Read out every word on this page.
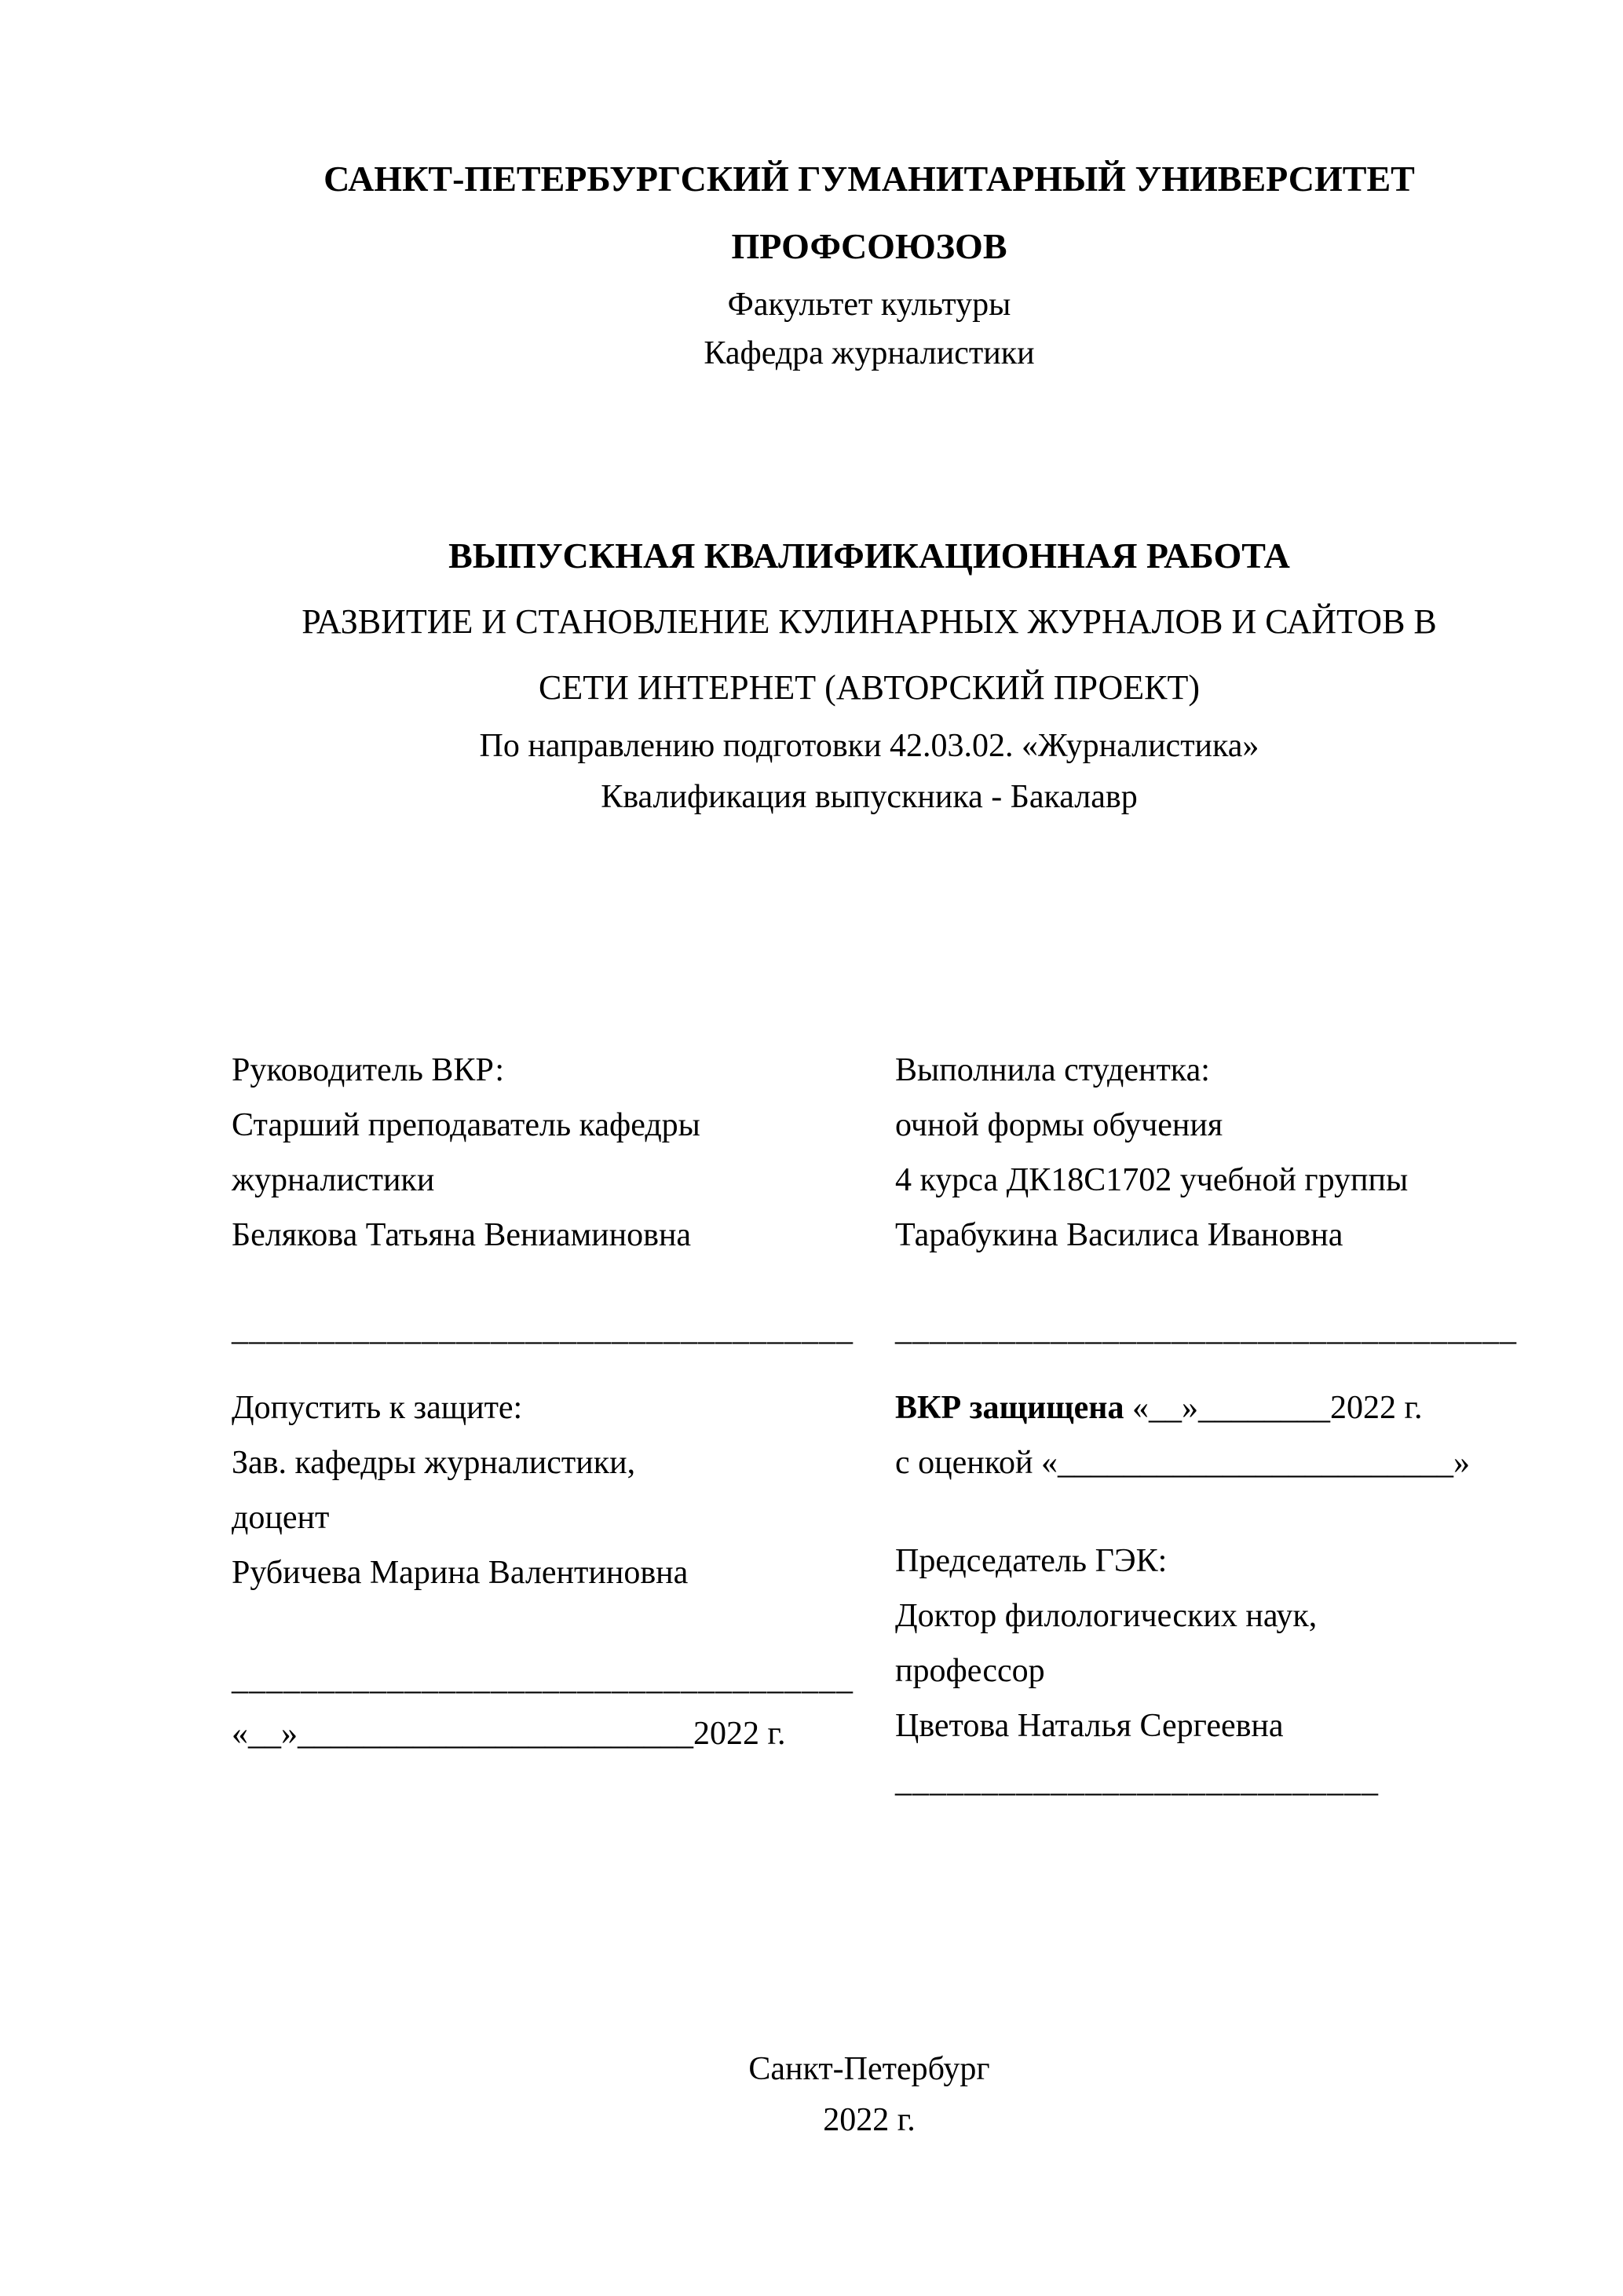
САНКТ-ПЕТЕРБУРГСКИЙ ГУМАНИТАРНЫЙ УНИВЕРСИТЕТ
ПРОФСОЮЗОВ
Факультет культуры
Кафедра журналистики
ВЫПУСКНАЯ КВАЛИФИКАЦИОННАЯ РАБОТА
РАЗВИТИЕ И СТАНОВЛЕНИЕ КУЛИНАРНЫХ ЖУРНАЛОВ И САЙТОВ В
СЕТИ ИНТЕРНЕТ (АВТОРСКИЙ ПРОЕКТ)
По направлению подготовки 42.03.02. «Журналистика»
Квалификация выпускника - Бакалавр
Руководитель ВКР:
Старший преподаватель кафедры
журналистики
Белякова Татьяна Вениаминовна
____________________________________
Выполнила студентка:
очной формы обучения
4 курса ДК18С1702 учебной группы
Тарабукина Василиса Ивановна
____________________________________
Допустить к защите:
Зав. кафедры журналистики,
доцент
Рубичева Марина Валентиновна
____________________________________
«__»________________________2022 г.
ВКР защищена «__»________2022 г.
с оценкой «________________________»
Председатель ГЭК:
Доктор филологических наук,
профессор
Цветова Наталья Сергеевна
____________________________
Санкт-Петербург
2022 г.
